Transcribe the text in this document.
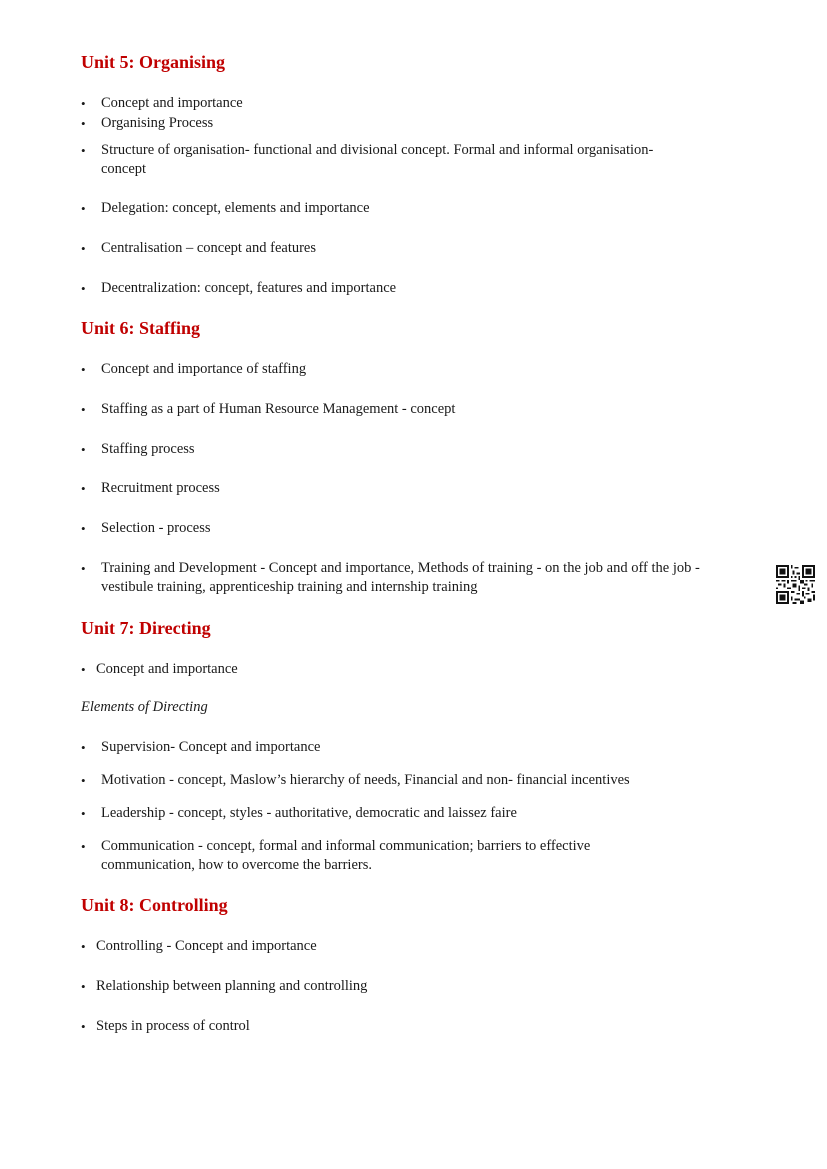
Unit 5: Organising
• Concept and importance
• Organising Process
• Structure of organisation- functional and divisional concept. Formal and informal organisation- concept
• Delegation: concept, elements and importance
• Centralisation – concept and features
• Decentralization: concept, features and importance
Unit 6: Staffing
• Concept and importance of staffing
• Staffing as a part of Human Resource Management - concept
• Staffing process
• Recruitment process
• Selection - process
• Training and Development - Concept and importance, Methods of training - on the job and off the job - vestibule training, apprenticeship training and internship training
Unit 7: Directing
• Concept and importance
Elements of Directing
• Supervision- Concept and importance
• Motivation - concept, Maslow’s hierarchy of needs, Financial and non- financial incentives
• Leadership - concept, styles - authoritative, democratic and laissez faire
• Communication - concept, formal and informal communication; barriers to effective communication, how to overcome the barriers.
Unit 8: Controlling
• Controlling - Concept and importance
• Relationship between planning and controlling
• Steps in process of control
